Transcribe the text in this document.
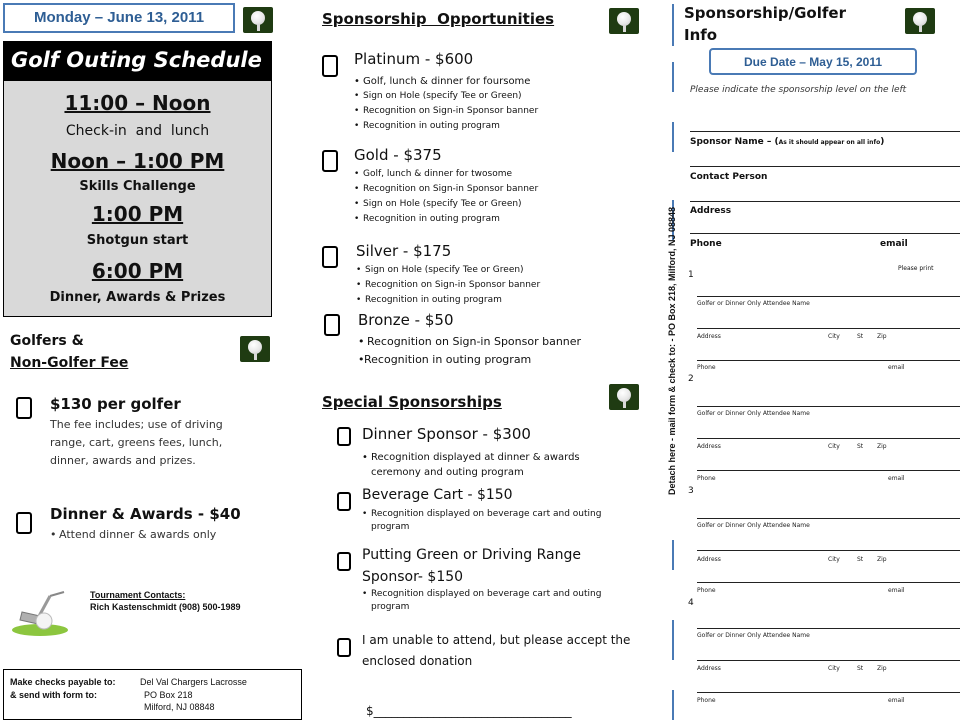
Monday – June 13, 2011
Golf Outing Schedule
11:00 – Noon
Check-in  and  lunch
Noon – 1:00 PM
Skills Challenge
1:00 PM
Shotgun start
6:00 PM
Dinner, Awards & Prizes
Golfers &
Non-Golfer Fee
$130 per golfer
The fee includes; use of driving range, cart, greens fees, lunch, dinner, awards and prizes.
Dinner & Awards - $40
• Attend dinner & awards only
Tournament Contacts:
Rich Kastenschmidt (908) 500-1989
Make checks payable to:	Del Val Chargers Lacrosse
& send with form to:	PO Box 218
Milford, NJ 08848
Sponsorship  Opportunities
Platinum - $600
• Golf, lunch & dinner for foursome
• Sign on Hole (specify Tee or Green)
• Recognition on Sign-in Sponsor banner
• Recognition in outing program
Gold - $375
• Golf, lunch & dinner for twosome
• Recognition on Sign-in Sponsor banner
• Sign on Hole (specify Tee or Green)
• Recognition in outing program
Silver - $175
• Sign on Hole (specify Tee or Green)
• Recognition on Sign-in Sponsor banner
• Recognition in outing program
Bronze - $50
• Recognition on Sign-in Sponsor banner
• Recognition in outing program
Special Sponsorships
Dinner Sponsor - $300
• Recognition displayed at dinner & awards ceremony and outing program
Beverage Cart - $150
• Recognition displayed on beverage cart and outing program
Putting Green or Driving Range Sponsor- $150
• Recognition displayed on beverage cart and outing program
I am unable to attend, but please accept the enclosed donation
$_________________________________
Sponsorship/Golfer
Info
Due Date – May 15, 2011
Please indicate the sponsorship level on the left
Sponsor Name – (As it should appear on all info)
Contact Person
Address
Phone	email
Please print
Detach here - mail form & check to: - PO Box 218, Milford, NJ 08848 1
Golfer or Dinner Only Attendee Name
Address	City	St Zip
Phone	email
2
Golfer or Dinner Only Attendee Name
Address	City	St Zip
Phone	email
3
Golfer or Dinner Only Attendee Name
Address	City	St Zip
Phone	email
4
Golfer or Dinner Only Attendee Name
Address	City	St Zip
Phone	email
